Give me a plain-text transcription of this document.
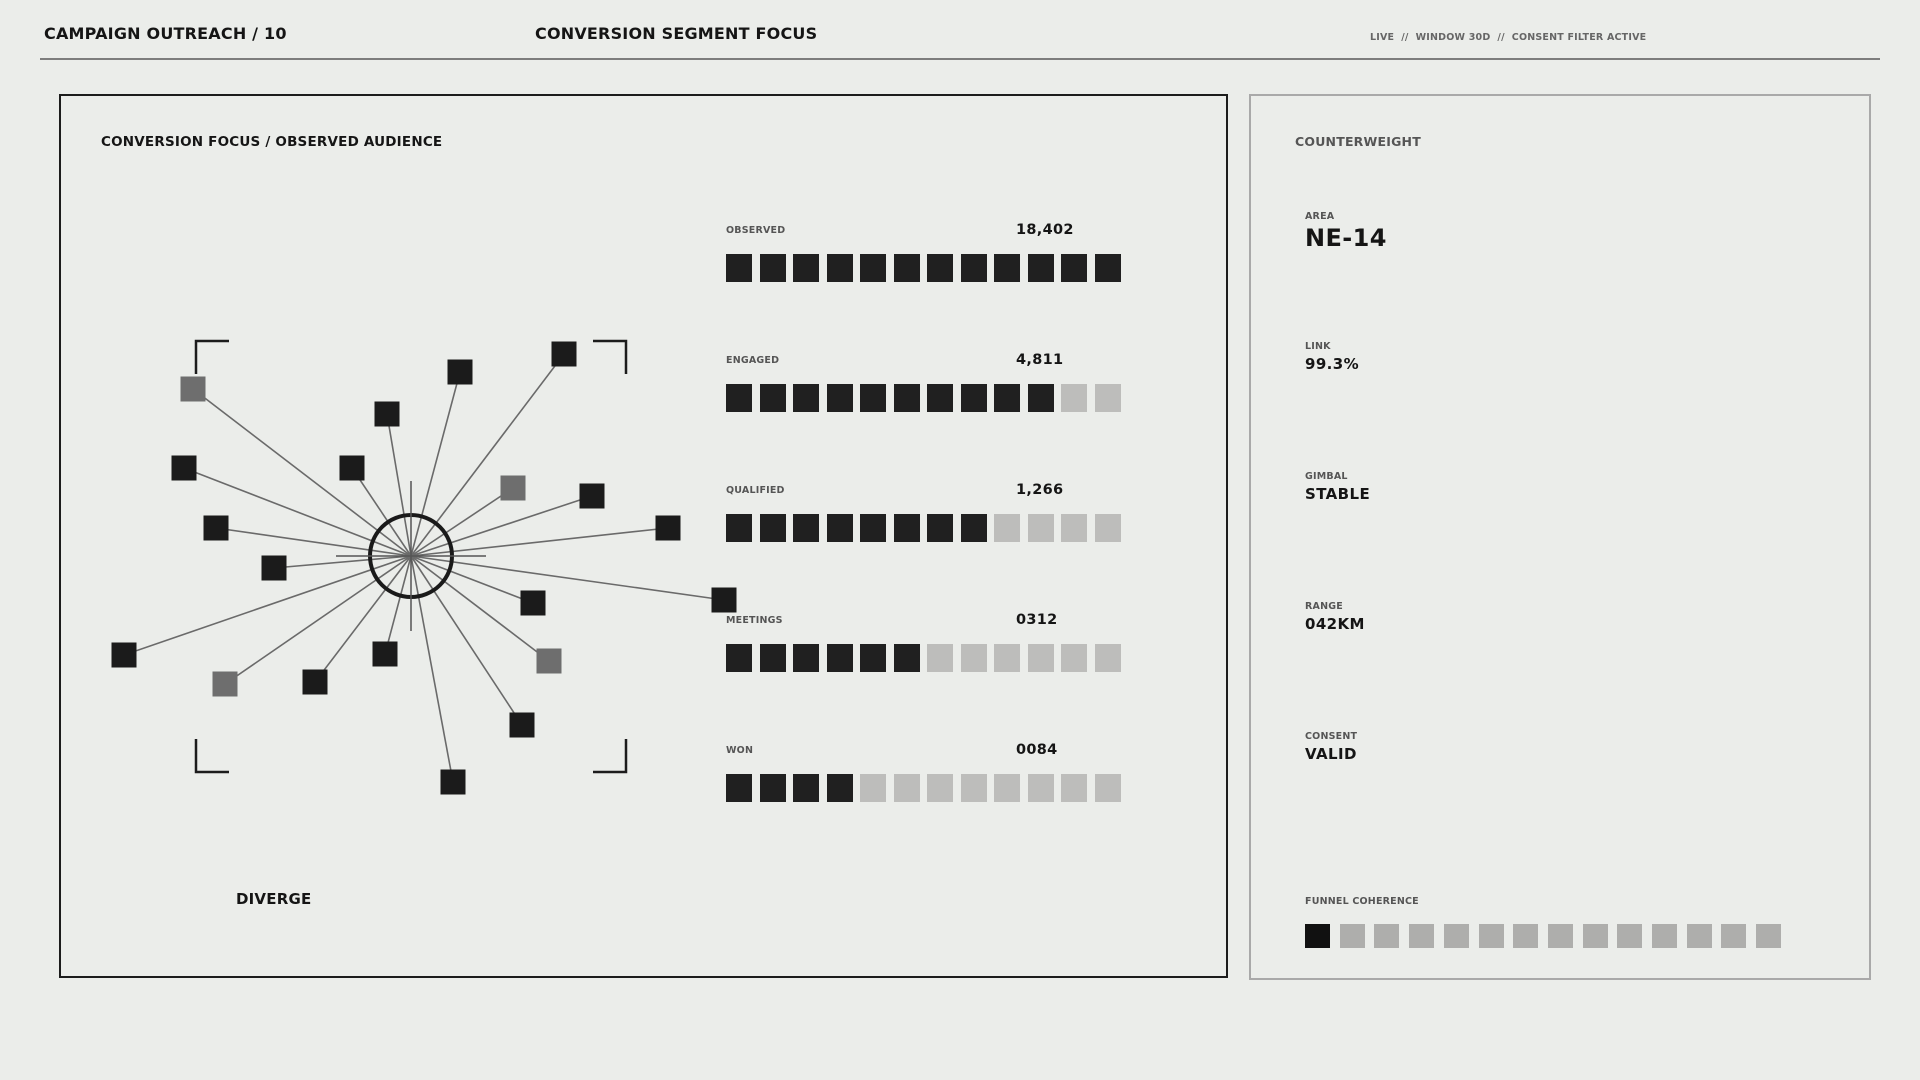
CAMPAIGN OUTREACH / 10	CONVERSION SEGMENT FOCUS	LIVE  //  WINDOW 30D  //  CONSENT FILTER ACTIVE
CONVERSION FOCUS / OBSERVED AUDIENCE
DIVERGE
OBSERVED	18,402
ENGAGED	4,811
QUALIFIED	1,266
MEETINGS	0312
WON	0084
COUNTERWEIGHT
AREA
NE-14
LINK
99.3%
GIMBAL
STABLE
RANGE
042KM
CONSENT
VALID
FUNNEL COHERENCE
